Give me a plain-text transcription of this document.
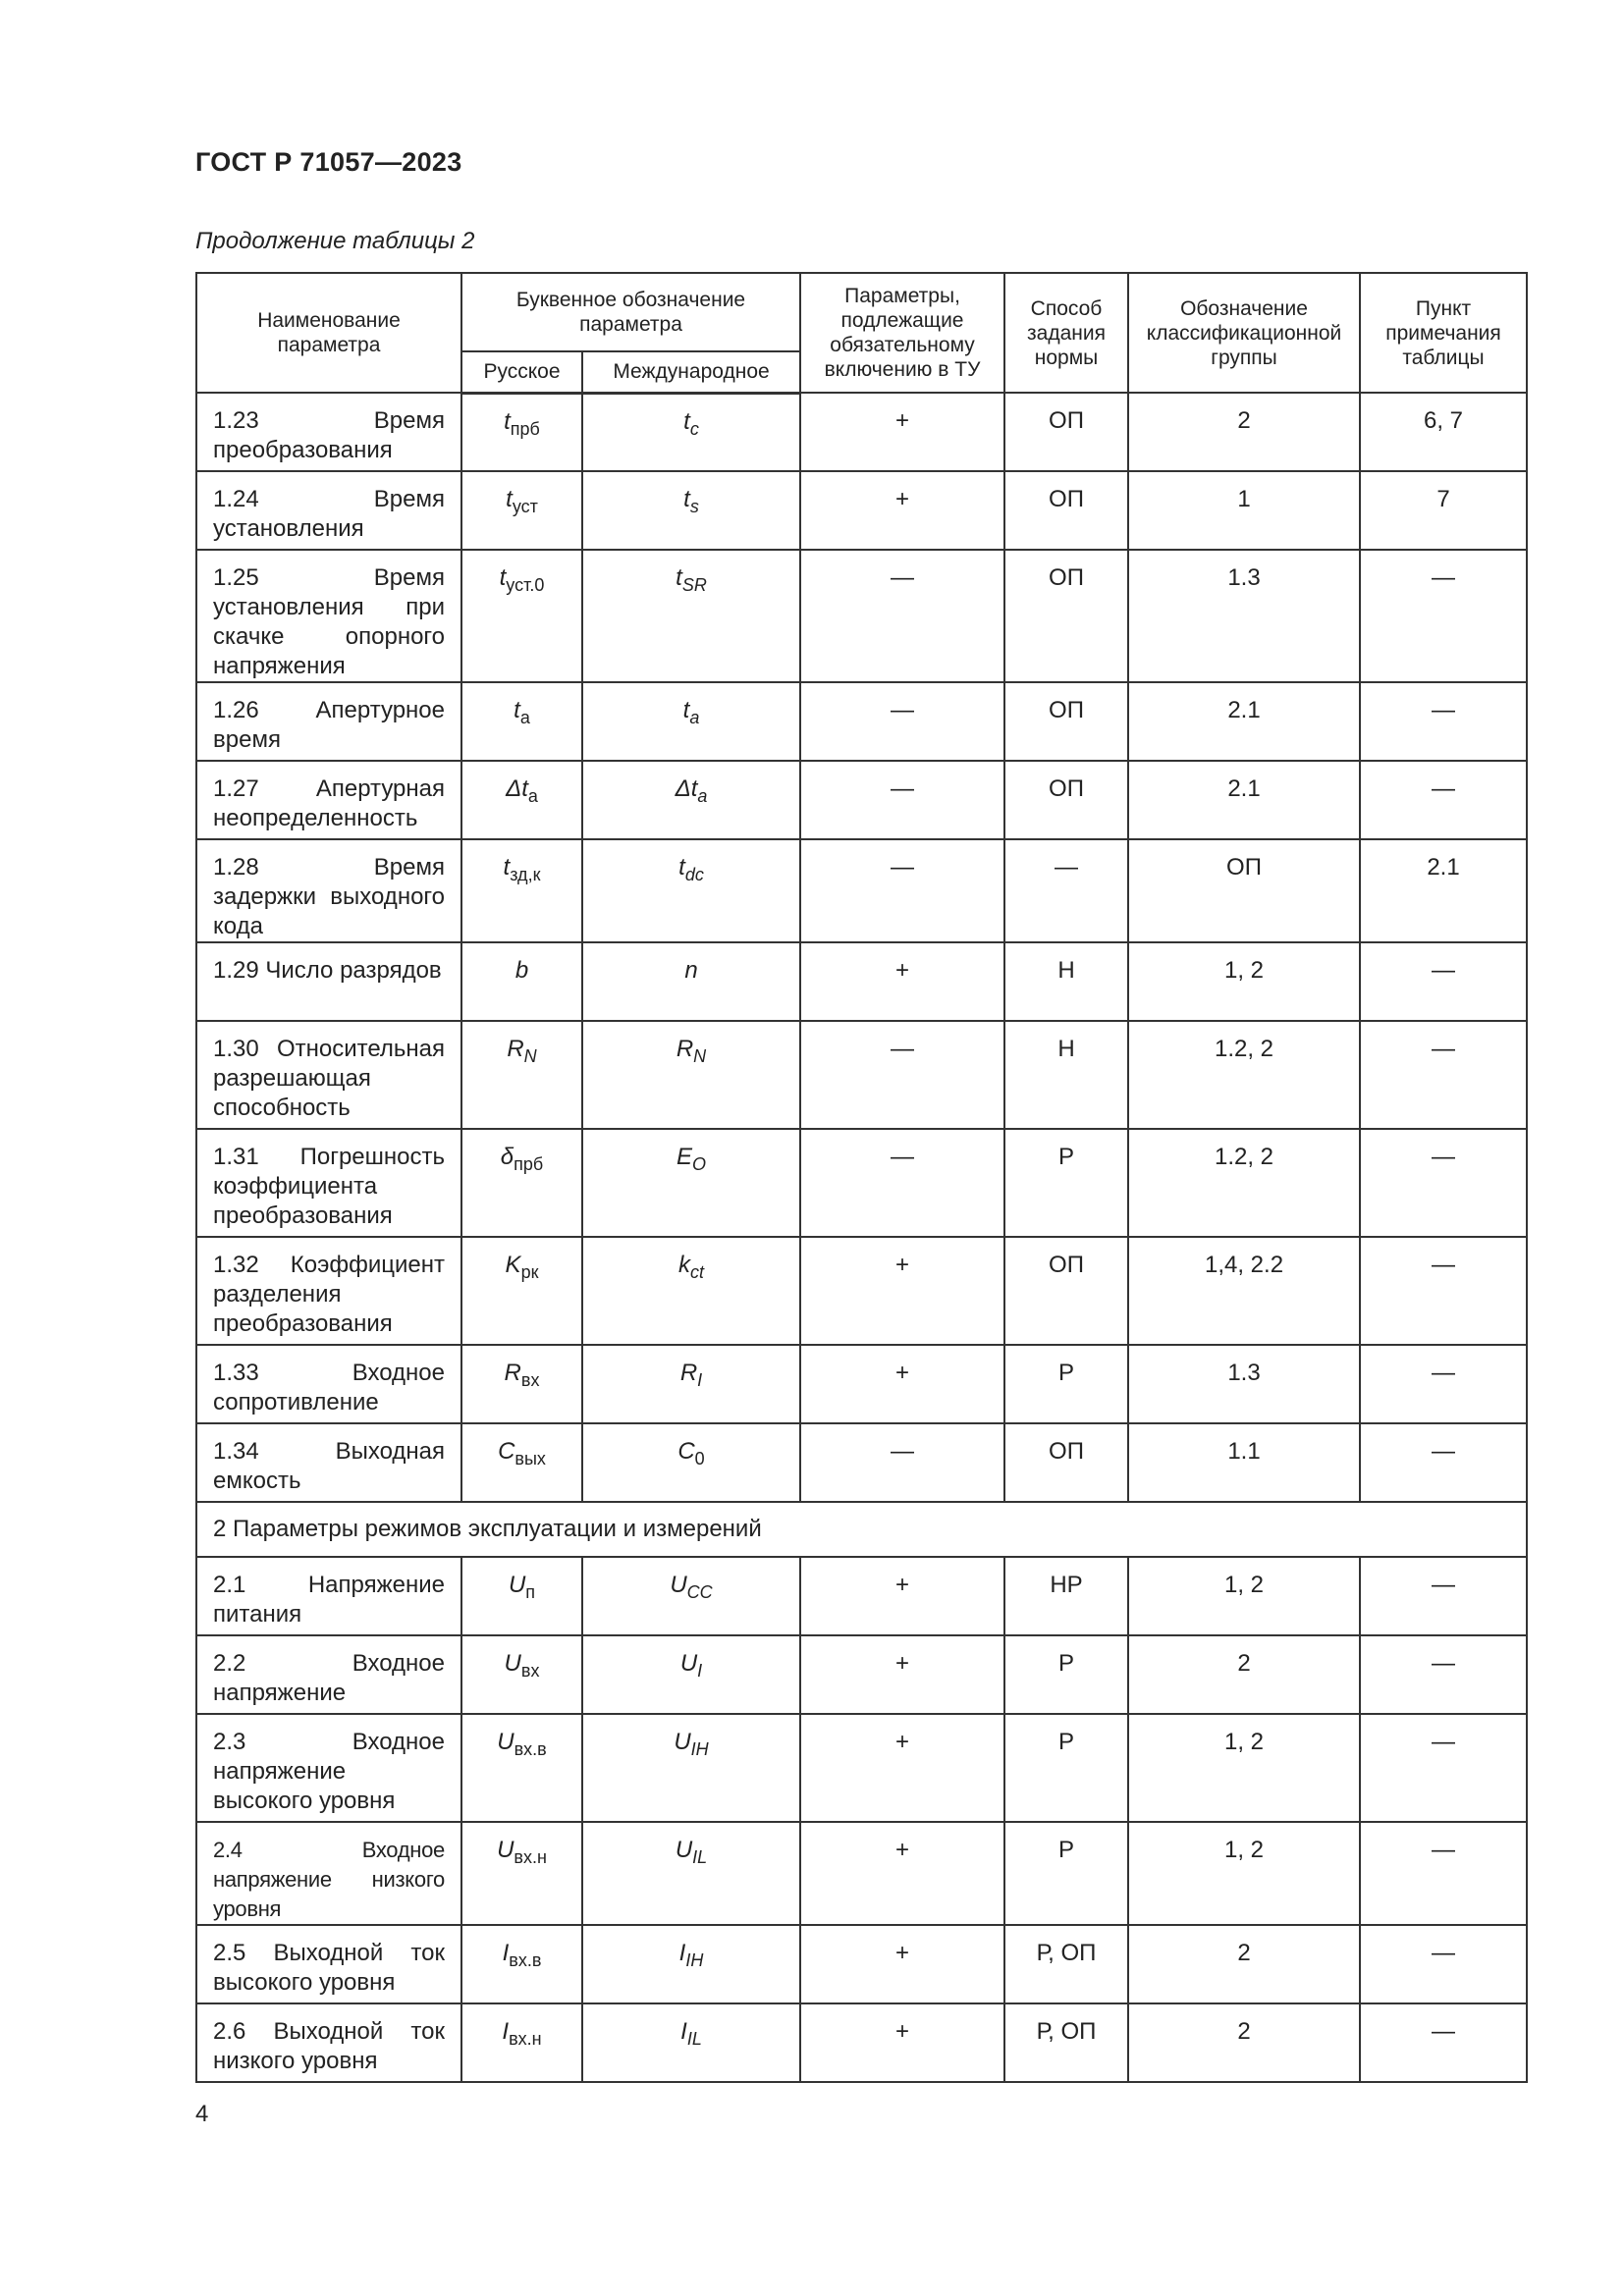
ГОСТ Р 71057—2023
Продолжение таблицы 2
Наименование параметра	Буквенное обозначение параметра		Параметры, подлежащие обязательному включению в ТУ	Способ задания нормы	Обозначение классификационной группы	Пункт примечания таблицы
	Русское	Международное				
1.23 Время преобразования	$t_{прб}$	$t_c$	+	ОП	2	6, 7
1.24 Время установления	$t_{уст}$	$t_s$	+	ОП	1	7
1.25 Время установления при скачке опорного напряжения	$t_{уст.0}$	$t_{SR}$	—	ОП	1.3	—
1.26 Апертурное время	$t_а$	$t_a$	—	ОП	2.1	—
1.27 Апертурная неопределенность	$\Delta t_а$	$\Delta t_a$	—	ОП	2.1	—
1.28 Время задержки выходного кода	$t_{зд,к}$	$t_{dc}$	—	—	ОП	2.1
1.29 Число разрядов	b	n	+	Н	1, 2	—
1.30 Относительная разрешающая способность	$R_N$	$R_N$	—	Н	1.2, 2	—
1.31 Погрешность коэффициента преобразования	$\delta_{прб}$	$E_O$	—	Р	1.2, 2	—
1.32 Коэффициент разделения преобразования	$K_{рк}$	$k_{ct}$	+	ОП	1,4, 2.2	—
1.33 Входное сопротивление	$R_{вх}$	$R_I$	+	Р	1.3	—
1.34 Выходная емкость	$C_{вых}$	$C_0$	—	ОП	1.1	—
2 Параметры режимов эксплуатации и измерений						
2.1 Напряжение питания	$U_п$	$U_{CC}$	+	НР	1, 2	—
2.2 Входное напряжение	$U_{вх}$	$U_I$	+	Р	2	—
2.3 Входное напряжение высокого уровня	$U_{вх.в}$	$U_{IH}$	+	Р	1, 2	—
2.4 Входное напряжение низкого уровня	$U_{вх.н}$	$U_{IL}$	+	Р	1, 2	—
2.5 Выходной ток высокого уровня	$I_{вх.в}$	$I_{IH}$	+	Р, ОП	2	—
2.6 Выходной ток низкого уровня	$I_{вх.н}$	$I_{IL}$	+	Р, ОП	2	—
4
